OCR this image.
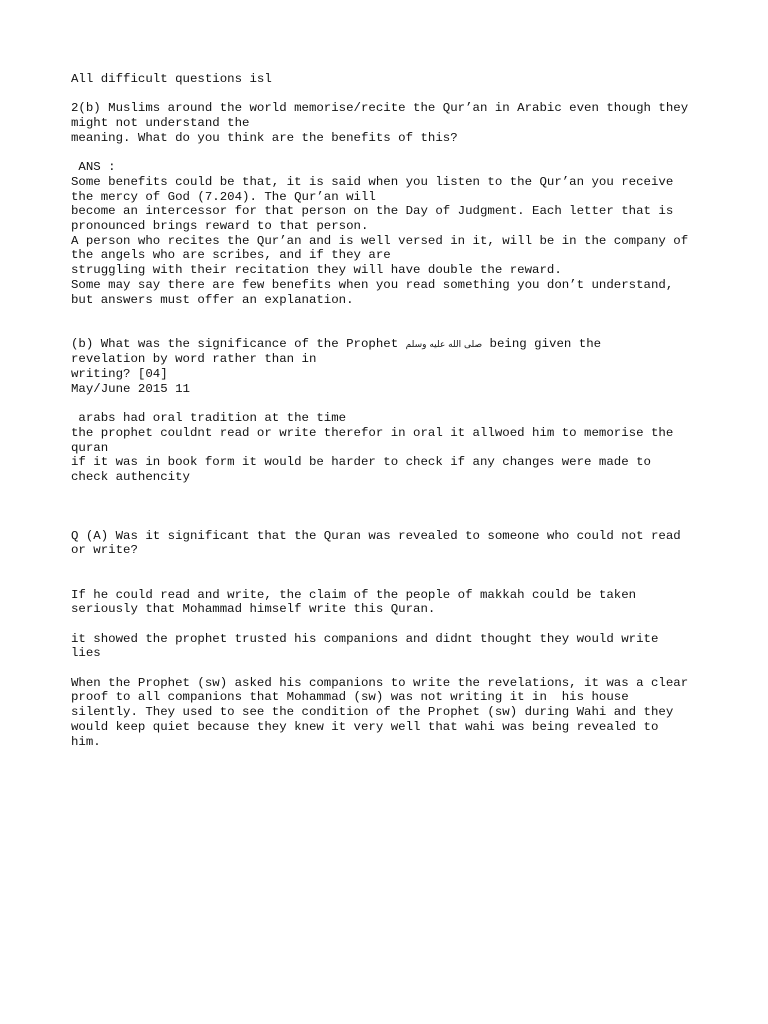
All difficult questions isl
2(b) Muslims around the world memorise/recite the Qur’an in Arabic even though they
might not understand the
meaning. What do you think are the benefits of this?
ANS :
Some benefits could be that, it is said when you listen to the Qur’an you receive
the mercy of God (7.204). The Qur’an will
become an intercessor for that person on the Day of Judgment. Each letter that is
pronounced brings reward to that person.
A person who recites the Qur’an and is well versed in it, will be in the company of
the angels who are scribes, and if they are
struggling with their recitation they will have double the reward.
Some may say there are few benefits when you read something you don’t understand,
but answers must offer an explanation.
(b) What was the significance of the Prophet صلى الله عليه وسلم being given the
revelation by word rather than in
writing? [04]
May/June 2015 11
arabs had oral tradition at the time
the prophet couldnt read or write therefor in oral it allwoed him to memorise the
quran
if it was in book form it would be harder to check if any changes were made to
check authencity
Q (A) Was it significant that the Quran was revealed to someone who could not read
or write?
If he could read and write, the claim of the people of makkah could be taken
seriously that Mohammad himself write this Quran.
it showed the prophet trusted his companions and didnt thought they would write
lies
When the Prophet (sw) asked his companions to write the revelations, it was a clear
proof to all companions that Mohammad (sw) was not writing it in  his house
silently. They used to see the condition of the Prophet (sw) during Wahi and they
would keep quiet because they knew it very well that wahi was being revealed to
him.
